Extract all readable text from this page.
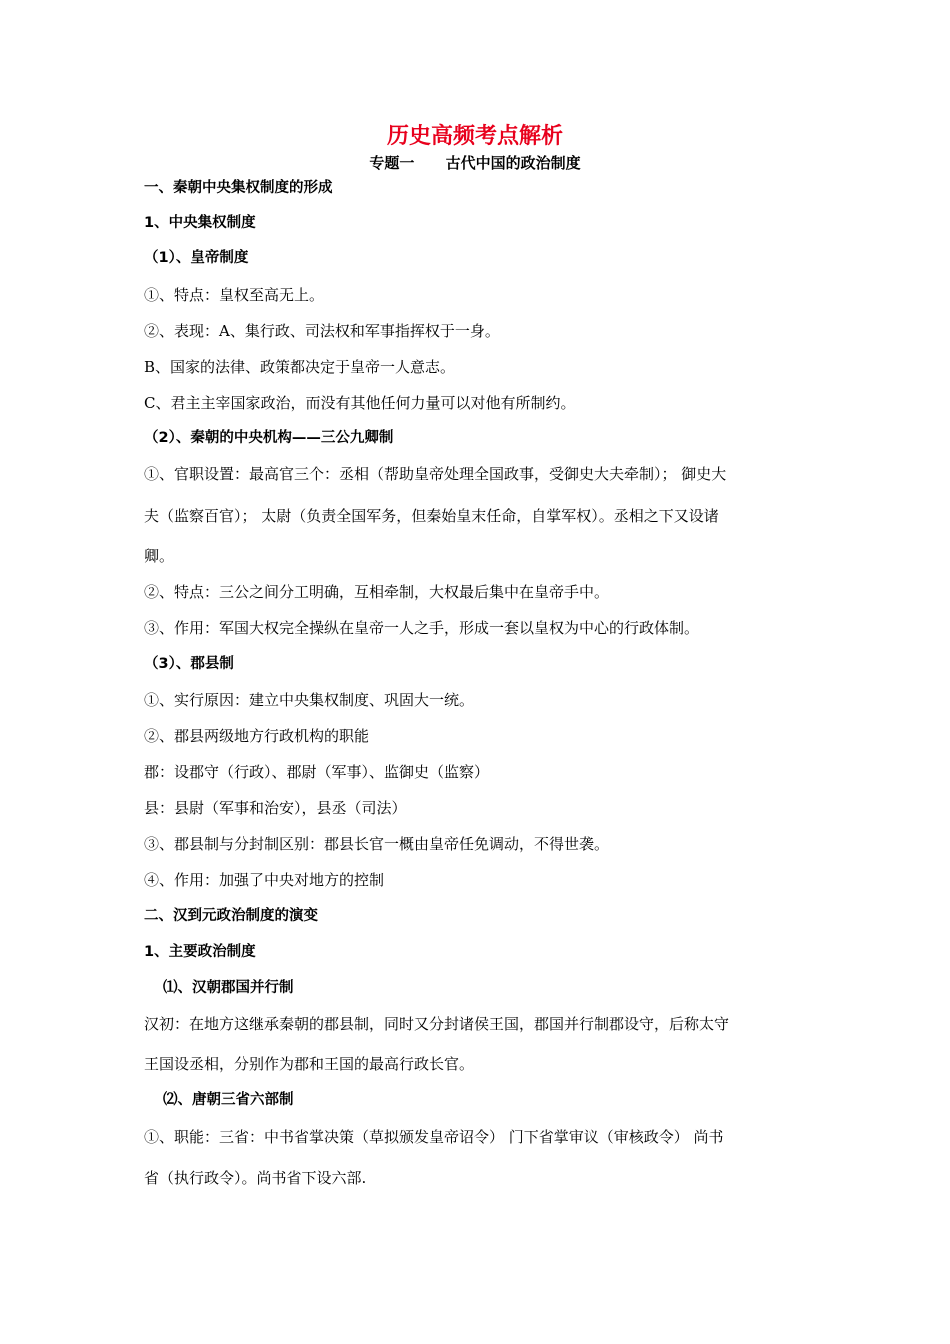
历史高频考点解析
专题一 古代中国的政治制度
一、秦朝中央集权制度的形成
1、中央集权制度
（1）、皇帝制度
①、特点：皇权至高无上。
②、表现：A、集行政、司法权和军事指挥权于一身。
B、国家的法律、政策都决定于皇帝一人意志。
C、君主主宰国家政治，而没有其他任何力量可以对他有所制约。
（2）、秦朝的中央机构——三公九卿制
①、官职设置：最高官三个：丞相（帮助皇帝处理全国政事，受御史大夫牵制）； 御史大
夫（监察百官）； 太尉（负责全国军务，但秦始皇末任命，自掌军权）。丞相之下又设诸
卿。
②、特点：三公之间分工明确，互相牵制，大权最后集中在皇帝手中。
③、作用：军国大权完全操纵在皇帝一人之手，形成一套以皇权为中心的行政体制。
（3）、郡县制
①、实行原因：建立中央集权制度、巩固大一统。
②、郡县两级地方行政机构的职能
郡：设郡守（行政）、郡尉（军事）、监御史（监察）
县：县尉（军事和治安），县丞（司法）
③、郡县制与分封制区别：郡县长官一概由皇帝任免调动，不得世袭。
④、作用：加强了中央对地方的控制
二、汉到元政治制度的演变
1、主要政治制度
⑴、汉朝郡国并行制
汉初：在地方这继承秦朝的郡县制，同时又分封诸侯王国，郡国并行制郡设守，后称太守
王国设丞相，分别作为郡和王国的最高行政长官。
⑵、唐朝三省六部制
①、职能：三省：中书省掌决策（草拟颁发皇帝诏令） 门下省掌审议（审核政令） 尚书
省（执行政令）。尚书省下设六部.
